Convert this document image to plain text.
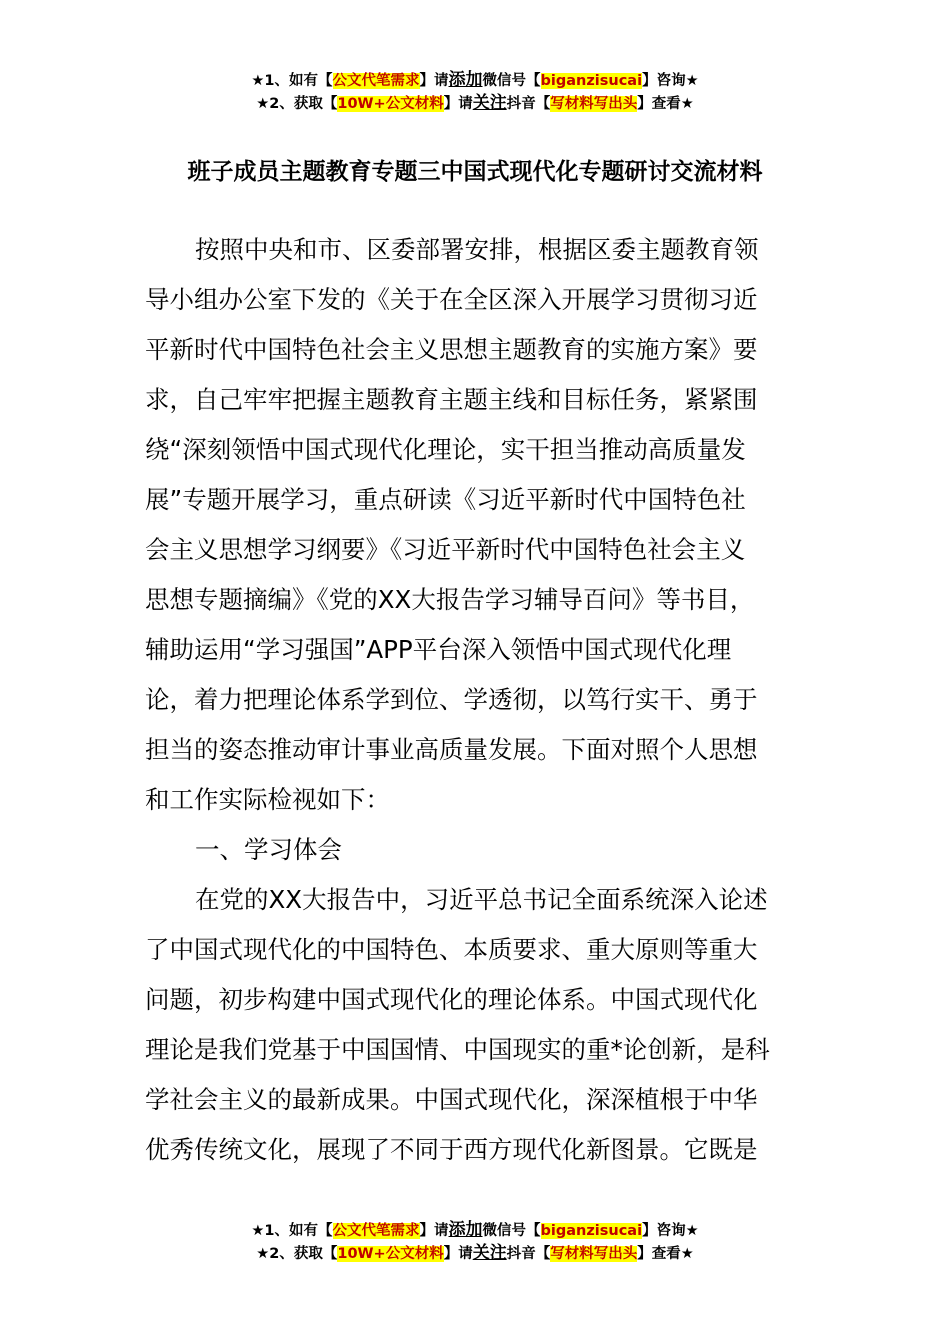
★1、如有【公文代笔需求】请添加微信号【biganzisucai】咨询★
★2、获取【10W+公文材料】请关注抖音【写材料写出头】查看★
班子成员主题教育专题三中国式现代化专题研讨交流材料
按照中央和市、区委部署安排，根据区委主题教育领
导小组办公室下发的《关于在全区深入开展学习贯彻习近
平新时代中国特色社会主义思想主题教育的实施方案》要
求，自己牢牢把握主题教育主题主线和目标任务，紧紧围
绕“深刻领悟中国式现代化理论，实干担当推动高质量发
展”专题开展学习，重点研读《习近平新时代中国特色社
会主义思想学习纲要》《习近平新时代中国特色社会主义
思想专题摘编》《党的XX大报告学习辅导百问》等书目，
辅助运用“学习强国”APP平台深入领悟中国式现代化理
论，着力把理论体系学到位、学透彻，以笃行实干、勇于
担当的姿态推动审计事业高质量发展。下面对照个人思想
和工作实际检视如下：
一、学习体会
在党的XX大报告中，习近平总书记全面系统深入论述
了中国式现代化的中国特色、本质要求、重大原则等重大
问题，初步构建中国式现代化的理论体系。中国式现代化
理论是我们党基于中国国情、中国现实的重*论创新，是科
学社会主义的最新成果。中国式现代化，深深植根于中华
优秀传统文化，展现了不同于西方现代化新图景。它既是
★1、如有【公文代笔需求】请添加微信号【biganzisucai】咨询★
★2、获取【10W+公文材料】请关注抖音【写材料写出头】查看★
